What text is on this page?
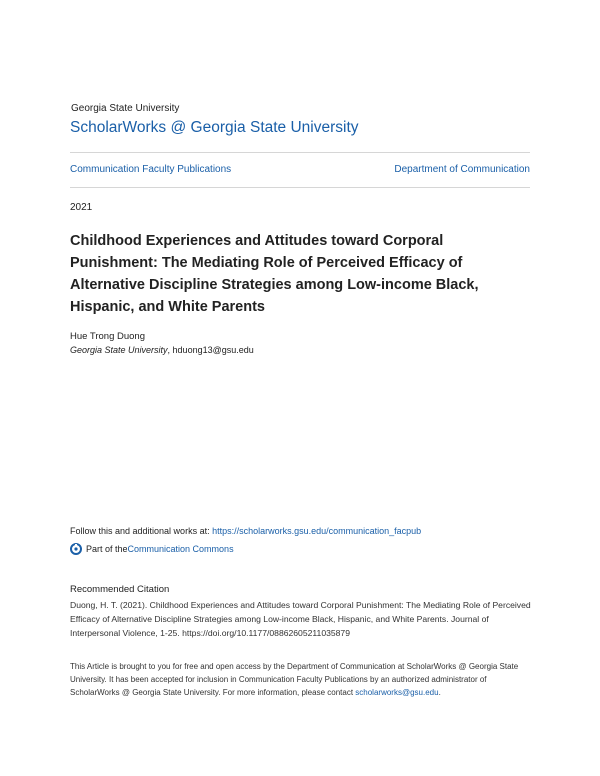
Georgia State University
ScholarWorks @ Georgia State University
Communication Faculty Publications	Department of Communication
2021
Childhood Experiences and Attitudes toward Corporal Punishment: The Mediating Role of Perceived Efficacy of Alternative Discipline Strategies among Low-income Black, Hispanic, and White Parents
Hue Trong Duong
Georgia State University, hduong13@gsu.edu
Follow this and additional works at: https://scholarworks.gsu.edu/communication_facpub
Part of the Communication Commons
Recommended Citation
Duong, H. T. (2021). Childhood Experiences and Attitudes toward Corporal Punishment: The Mediating Role of Perceived Efficacy of Alternative Discipline Strategies among Low-income Black, Hispanic, and White Parents. Journal of Interpersonal Violence, 1-25. https://doi.org/10.1177/08862605211035879
This Article is brought to you for free and open access by the Department of Communication at ScholarWorks @ Georgia State University. It has been accepted for inclusion in Communication Faculty Publications by an authorized administrator of ScholarWorks @ Georgia State University. For more information, please contact scholarworks@gsu.edu.
